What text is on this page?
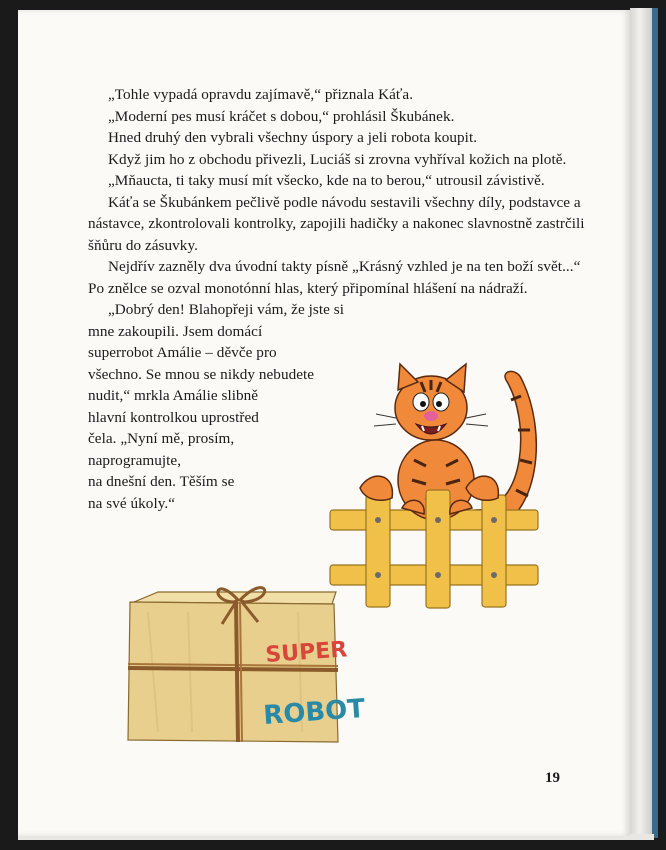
„Tohle vypadá opravdu zajímavě,“ přiznala Káťa.

„Moderní pes musí kráčet s dobou,“ prohlásil Škubánek.

Hned druhý den vybrali všechny úspory a jeli robota koupit.

Když jim ho z obchodu přivezli, Luciáš si zrovna vyhříval kožich na plotě.

„Mňaucta, ti taky musí mít všecko, kde na to berou,“ utrousil závistivě.

Káťa se Škubánkem pečlivě podle návodu sestavili všechny díly, podstavce a nástavce, zkontrolovali kontrolky, zapojili hadičky a nakonec slavnostně zastrčili šňůru do zásuvky.

Nejdřív zazněly dva úvodní takty písně „Krásný vzhled je na ten boží svět...“ Po znělce se ozval monotónní hlas, který připomínal hlášení na nádraží.

„Dobrý den! Blahopřeji vám, že jste si
mne zakoupili. Jsem domácí
superrobot Amálie – děvče pro
všechno. Se mnou se nikdy nebudete
nudit,“ mrkla Amálie slibně
hlavní kontrolkou uprostřed
čela. „Nyní mě, prosím,
naprogramujte,
na dnešní den. Těším se
na své úkoly.“
SUPER
ROBOT
19
